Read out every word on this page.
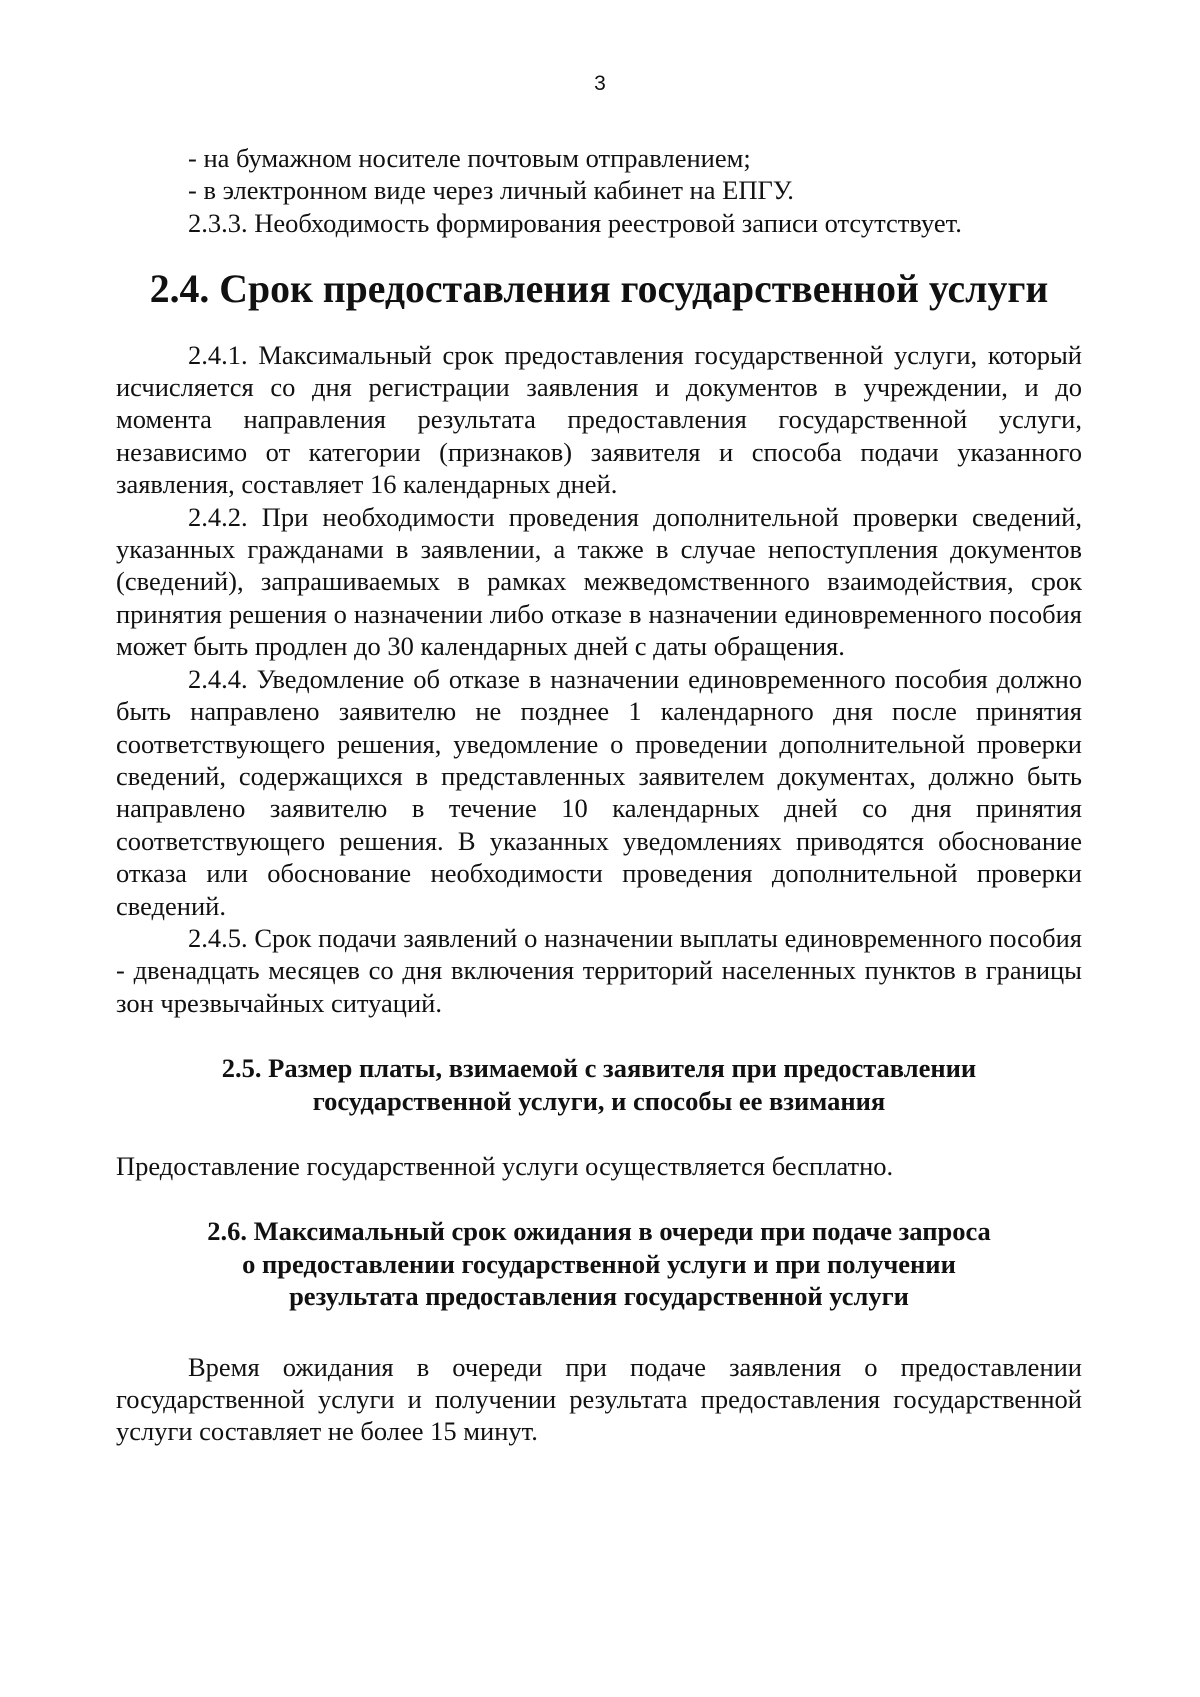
3

- на бумажном носителе почтовым отправлением;

- в электронном виде через личный кабинет на ЕПГУ.

2.3.3. Необходимость формирования реестровой записи отсутствует.

2.4. Срок предоставления государственной услуги

2.4.1. Максимальный срок предоставления государственной услуги, который исчисляется со дня регистрации заявления и документов в учреждении, и до момента направления результата предоставления государственной услуги, независимо от категории (признаков) заявителя и способа подачи указанного заявления, составляет 16 календарных дней.

2.4.2. При необходимости проведения дополнительной проверки сведений, указанных гражданами в заявлении, а также в случае непоступления документов (сведений), запрашиваемых в рамках межведомственного взаимодействия, срок принятия решения о назначении либо отказе в назначении единовременного пособия может быть продлен до 30 календарных дней с даты обращения.

2.4.4. Уведомление об отказе в назначении единовременного пособия должно быть направлено заявителю не позднее 1 календарного дня после принятия соответствующего решения, уведомление о проведении дополнительной проверки сведений, содержащихся в представленных заявителем документах, должно быть направлено заявителю в течение 10 календарных дней со дня принятия соответствующего решения. В указанных уведомлениях приводятся обоснование отказа или обоснование необходимости проведения дополнительной проверки сведений.

2.4.5. Срок подачи заявлений о назначении выплаты единовременного пособия - двенадцать месяцев со дня включения территорий населенных пунктов в границы зон чрезвычайных ситуаций.

2.5. Размер платы, взимаемой с заявителя при предоставлении
государственной услуги, и способы ее взимания

Предоставление государственной услуги осуществляется бесплатно.

2.6. Максимальный срок ожидания в очереди при подаче запроса
о предоставлении государственной услуги и при получении
результата предоставления государственной услуги

Время ожидания в очереди при подаче заявления о предоставлении государственной услуги и получении результата предоставления государственной услуги составляет не более 15 минут.
